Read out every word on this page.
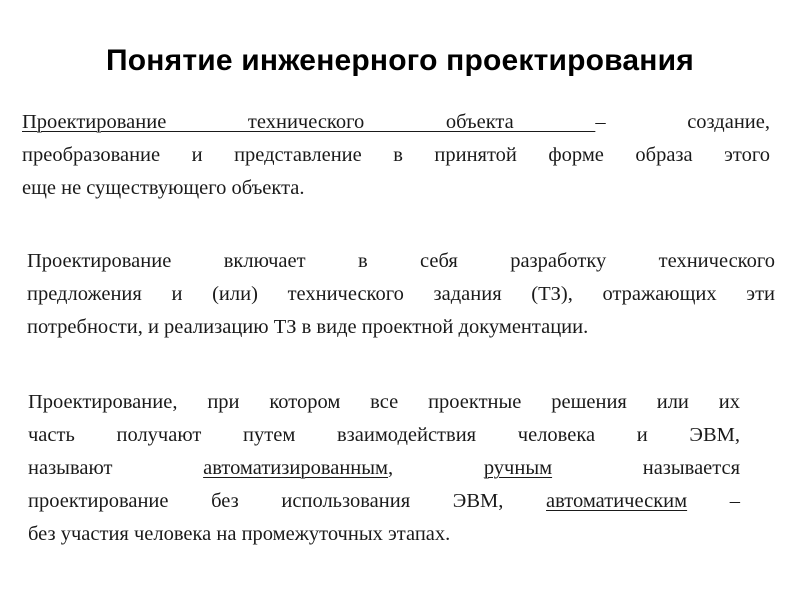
Понятие инженерного проектирования
Проектирование технического объекта – создание,
преобразование и представление в принятой форме образа этого
еще не существующего объекта.
Проектирование включает в себя разработку технического
предложения и (или) технического задания (ТЗ), отражающих эти
потребности, и реализацию ТЗ в виде проектной документации.
Проектирование, при котором все проектные решения или их
часть получают путем взаимодействия человека и ЭВМ,
называют	автоматизированным,	ручным	называется
проектирование без использования ЭВМ, автоматическим –
без участия человека на промежуточных этапах.
